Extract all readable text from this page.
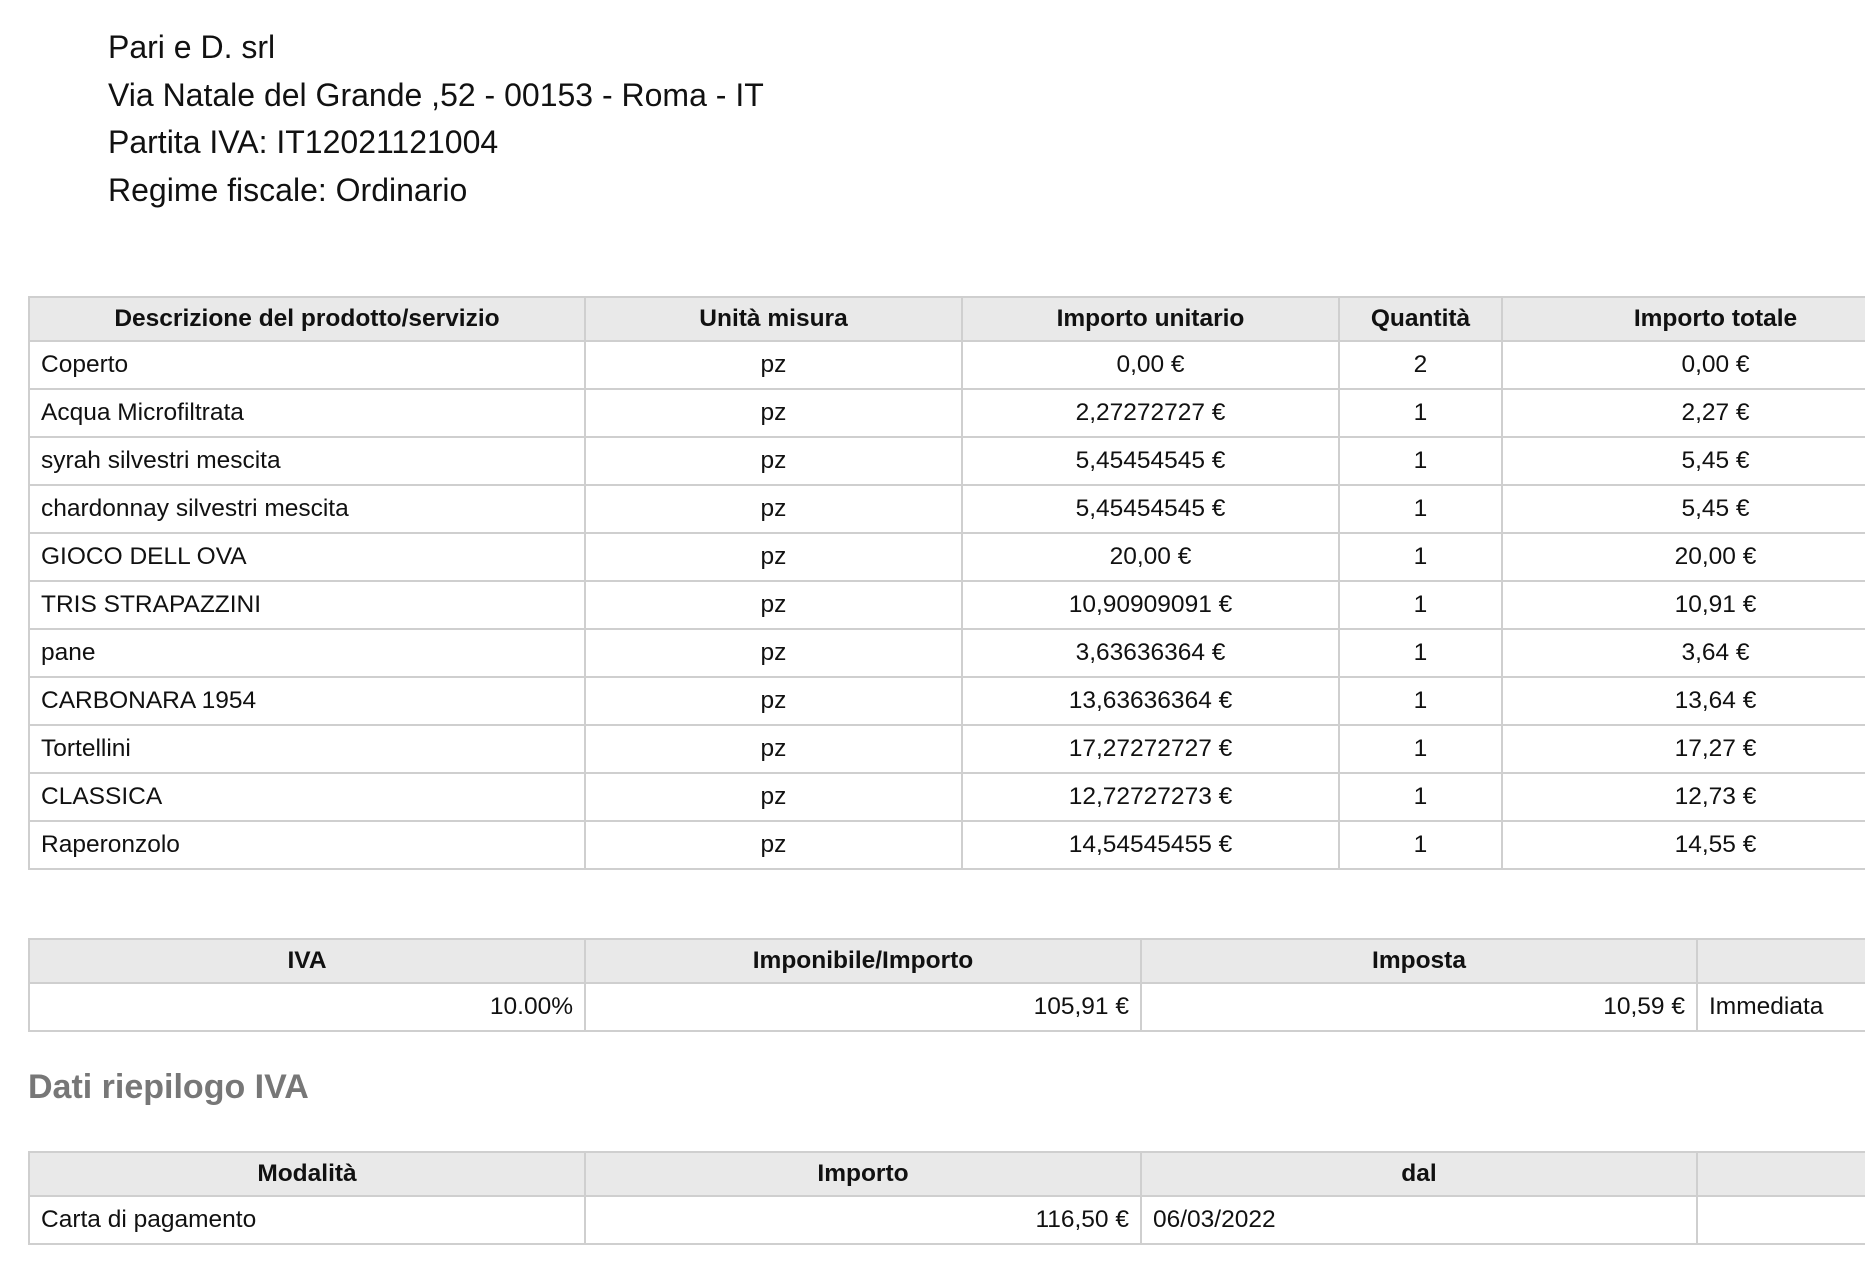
Pari e D. srl
Via Natale del Grande ,52 - 00153 - Roma - IT
Partita IVA: IT12021121004
Regime fiscale: Ordinario
Descrizione del prodotto/servizio	Unità misura	Importo unitario	Quantità	Importo totale
Coperto	pz	0,00 €	2	0,00 €
Acqua Microfiltrata	pz	2,27272727 €	1	2,27 €
syrah silvestri mescita	pz	5,45454545 €	1	5,45 €
chardonnay silvestri mescita	pz	5,45454545 €	1	5,45 €
GIOCO DELL OVA	pz	20,00 €	1	20,00 €
TRIS STRAPAZZINI	pz	10,90909091 €	1	10,91 €
pane	pz	3,63636364 €	1	3,64 €
CARBONARA 1954	pz	13,63636364 €	1	13,64 €
Tortellini	pz	17,27272727 €	1	17,27 €
CLASSICA	pz	12,72727273 €	1	12,73 €
Raperonzolo	pz	14,54545455 €	1	14,55 €
IVA	Imponibile/Importo	Imposta	
10.00%	105,91 €	10,59 €	Immediata
Dati riepilogo IVA
Modalità	Importo	dal	
Carta di pagamento	116,50 €	06/03/2022	
